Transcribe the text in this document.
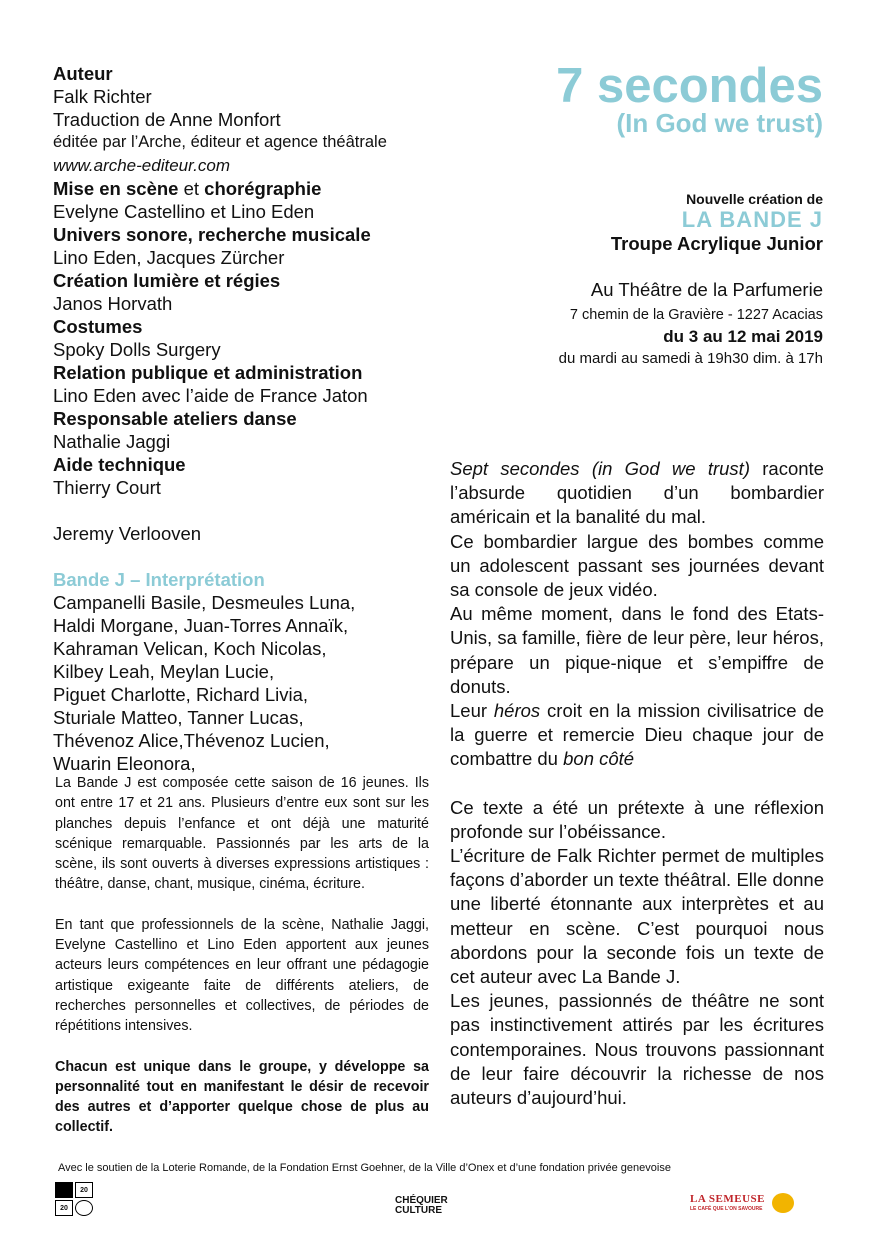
Auteur
Falk Richter
Traduction de Anne Monfort
éditée par l’Arche, éditeur et agence théâtrale
www.arche-editeur.com
Mise en scène et chorégraphie
Evelyne Castellino et Lino Eden
Univers sonore, recherche musicale
Lino Eden, Jacques Zürcher
Création lumière et régies
Janos Horvath
Costumes
Spoky Dolls Surgery
Relation publique et administration
Lino Eden avec l’aide de France Jaton
Responsable ateliers danse
Nathalie Jaggi
Aide technique
Thierry Court
Jeremy Verlooven
Bande J – Interprétation
Campanelli Basile, Desmeules Luna,
Haldi Morgane, Juan-Torres Annaïk,
Kahraman Velican, Koch Nicolas,
Kilbey Leah, Meylan Lucie,
Piguet Charlotte, Richard Livia,
Sturiale Matteo, Tanner Lucas,
Thévenoz Alice,Thévenoz Lucien,
Wuarin Eleonora,

La Bande J est composée cette saison de 16 jeunes. Ils ont entre 17 et 21 ans. Plusieurs d’entre eux sont sur les planches depuis l’enfance et ont déjà une maturité scénique remarquable. Passionnés par les arts de la scène, ils sont ouverts à diverses expressions artistiques : théâtre, danse, chant, musique, cinéma, écriture.

En tant que professionnels de la scène, Nathalie Jaggi, Evelyne Castellino et Lino Eden apportent aux jeunes acteurs leurs compétences en leur offrant une pédagogie artistique exigeante faite de différents ateliers, de recherches personnelles et collectives, de périodes de répétitions intensives.

Chacun est unique dans le groupe, y développe sa personnalité tout en manifestant le désir de recevoir des autres et d’apporter quelque chose de plus au collectif.

7 secondes
(In God we trust)
Nouvelle création de
LA BANDE J
Troupe Acrylique Junior
Au Théâtre de la Parfumerie
7 chemin de la Gravière - 1227 Acacias
du 3 au 12 mai 2019
du mardi au samedi à 19h30 dim. à 17h

Sept secondes (in God we trust) raconte l’absurde quotidien d’un bombardier américain et la banalité du mal.

Ce bombardier largue des bombes comme un adolescent passant ses journées devant sa console de jeux vidéo.

Au même moment, dans le fond des Etats-Unis, sa famille, fière de leur père, leur héros, prépare un pique-nique et s’empiffre de donuts.

Leur héros croit en la mission civilisatrice de la guerre et remercie Dieu chaque jour de combattre du bon côté

Ce texte a été un prétexte à une réflexion profonde sur l’obéissance.

L’écriture de Falk Richter permet de multiples façons d’aborder un texte théâtral. Elle donne une liberté étonnante aux interprètes et au metteur en scène. C’est pourquoi nous abordons pour la seconde fois un texte de cet auteur avec La Bande J.

Les jeunes, passionnés de théâtre ne sont pas instinctivement attirés par les écritures contemporaines. Nous trouvons passionnant de leur faire découvrir la richesse de nos auteurs d’aujourd’hui.

Avec le soutien de la Loterie Romande, de la Fondation Ernst Goehner, de la Ville d’Onex et d’une fondation privée genevoise
20
20
CHÉQUIER
CULTURE
LA SEMEUSE
LE CAFÉ QUE L'ON SAVOURE
